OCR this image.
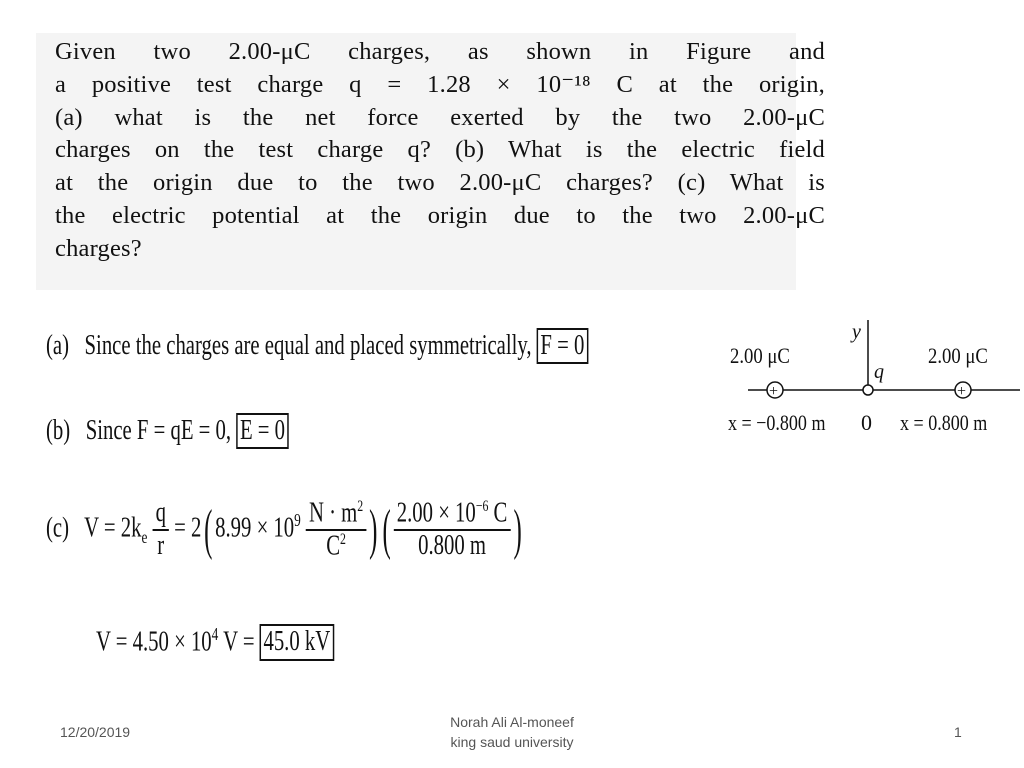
Given two 2.00-μC charges, as shown in Figure and
a positive test charge q = 1.28 × 10⁻¹⁸ C at the origin,
(a) what is the net force exerted by the two 2.00-μC
charges on the test charge q? (b) What is the electric field
at the origin due to the two 2.00-μC charges? (c) What is
the electric potential at the origin due to the two 2.00-μC
charges?
(a) Since the charges are equal and placed symmetrically, F = 0
(b) Since F = qE = 0, E = 0
(c) $V = 2k_e \frac{q}{r} = 2(8.99 \times 10^9 \frac{N \cdot m^2}{C^2}$ )( $\frac{2.00 \times 10^{-6} C}{0.800 m}$ )
$V = 4.50 \times 10^4$ V = 45.0 kV
y
q
2.00 μC	2.00 μC
+	+
x = −0.800 m 0 x = 0.800 m
12/20/2019
Norah Ali Al-moneef
king saud university
1
